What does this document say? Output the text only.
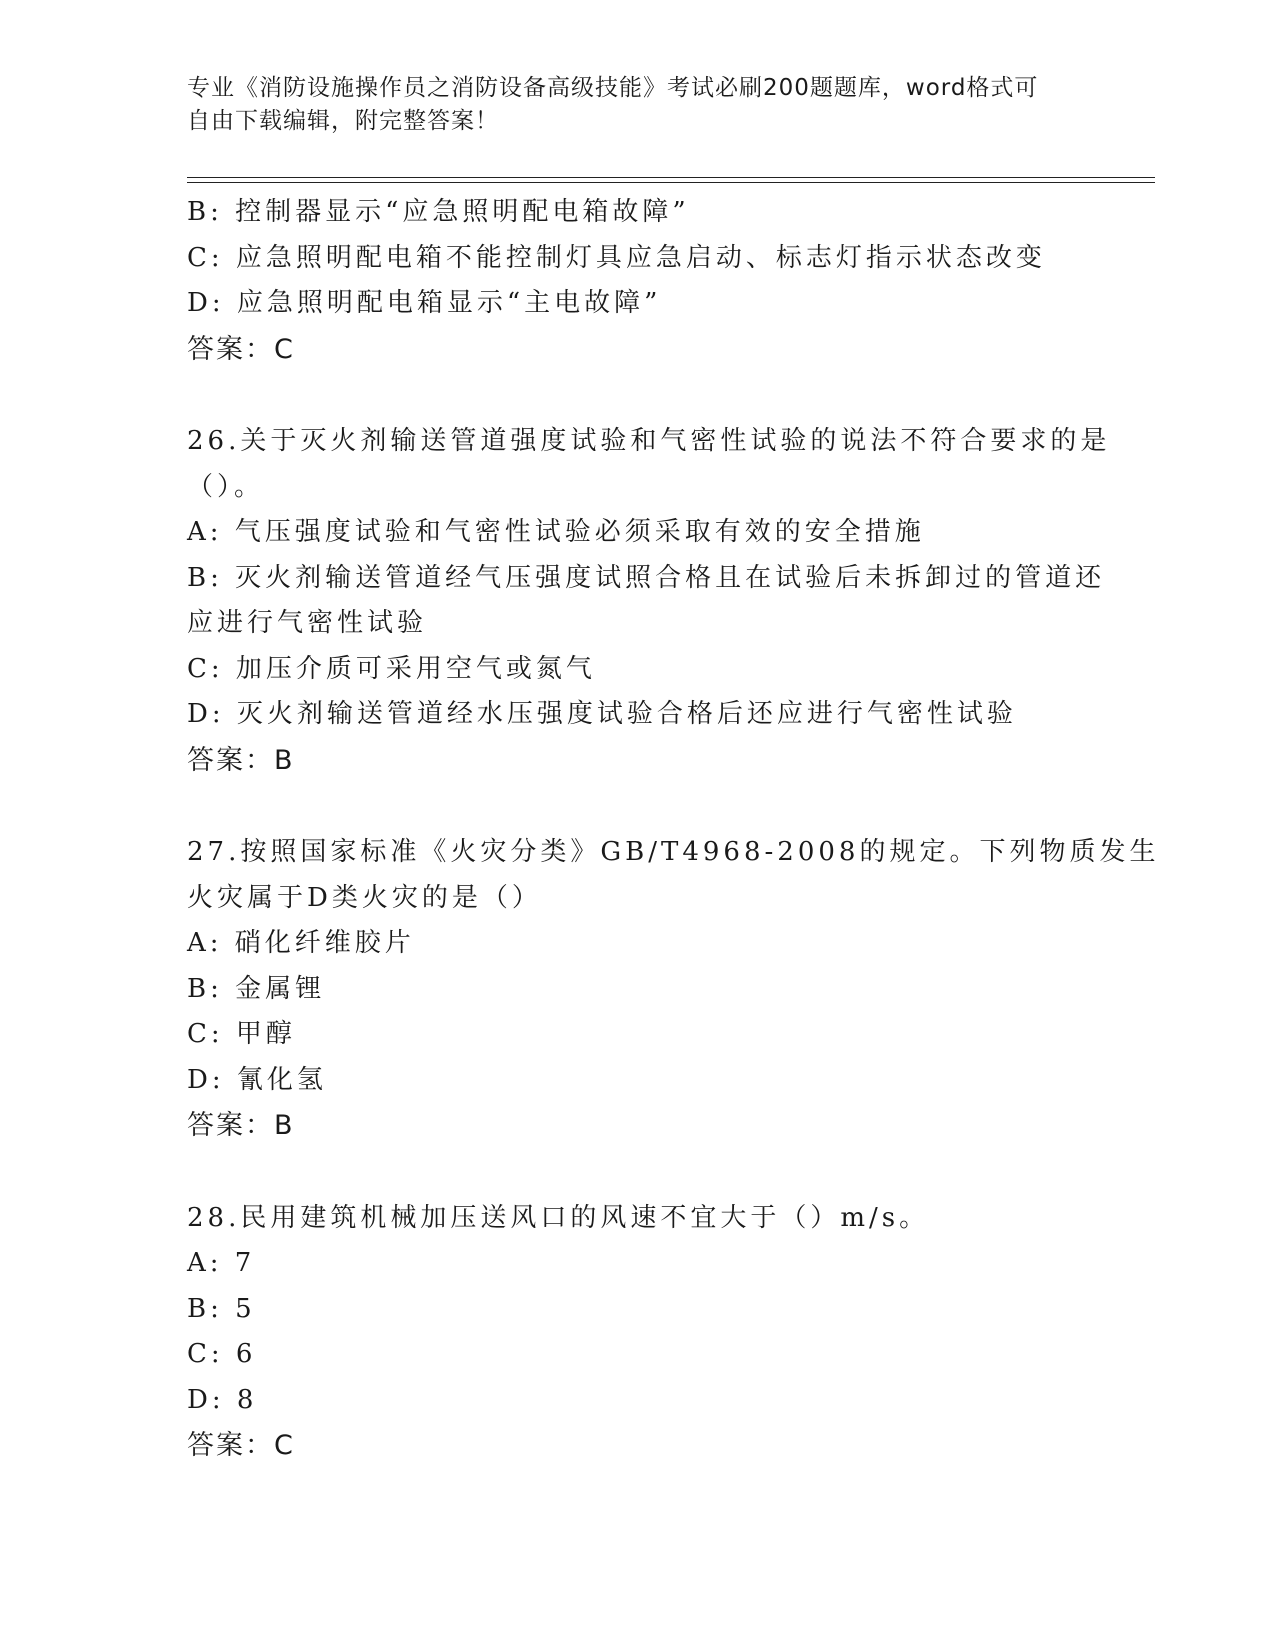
专业《消防设施操作员之消防设备高级技能》考试必刷200题题库，word格式可
自由下载编辑，附完整答案！
B: 控制器显示“应急照明配电箱故障”
C: 应急照明配电箱不能控制灯具应急启动、标志灯指示状态改变
D: 应急照明配电箱显示“主电故障”
答案：C
26.关于灭火剂输送管道强度试验和气密性试验的说法不符合要求的是
（）。
A: 气压强度试验和气密性试验必须采取有效的安全措施
B: 灭火剂输送管道经气压强度试照合格且在试验后未拆卸过的管道还
应进行气密性试验
C: 加压介质可采用空气或氮气
D: 灭火剂输送管道经水压强度试验合格后还应进行气密性试验
答案：B
27.按照国家标准《火灾分类》GB/T4968-2008的规定。下列物质发生
火灾属于D类火灾的是（）
A: 硝化纤维胶片
B: 金属锂
C: 甲醇
D: 氰化氢
答案：B
28.民用建筑机械加压送风口的风速不宜大于（）m/s。
A: 7
B: 5
C: 6
D: 8
答案：C
